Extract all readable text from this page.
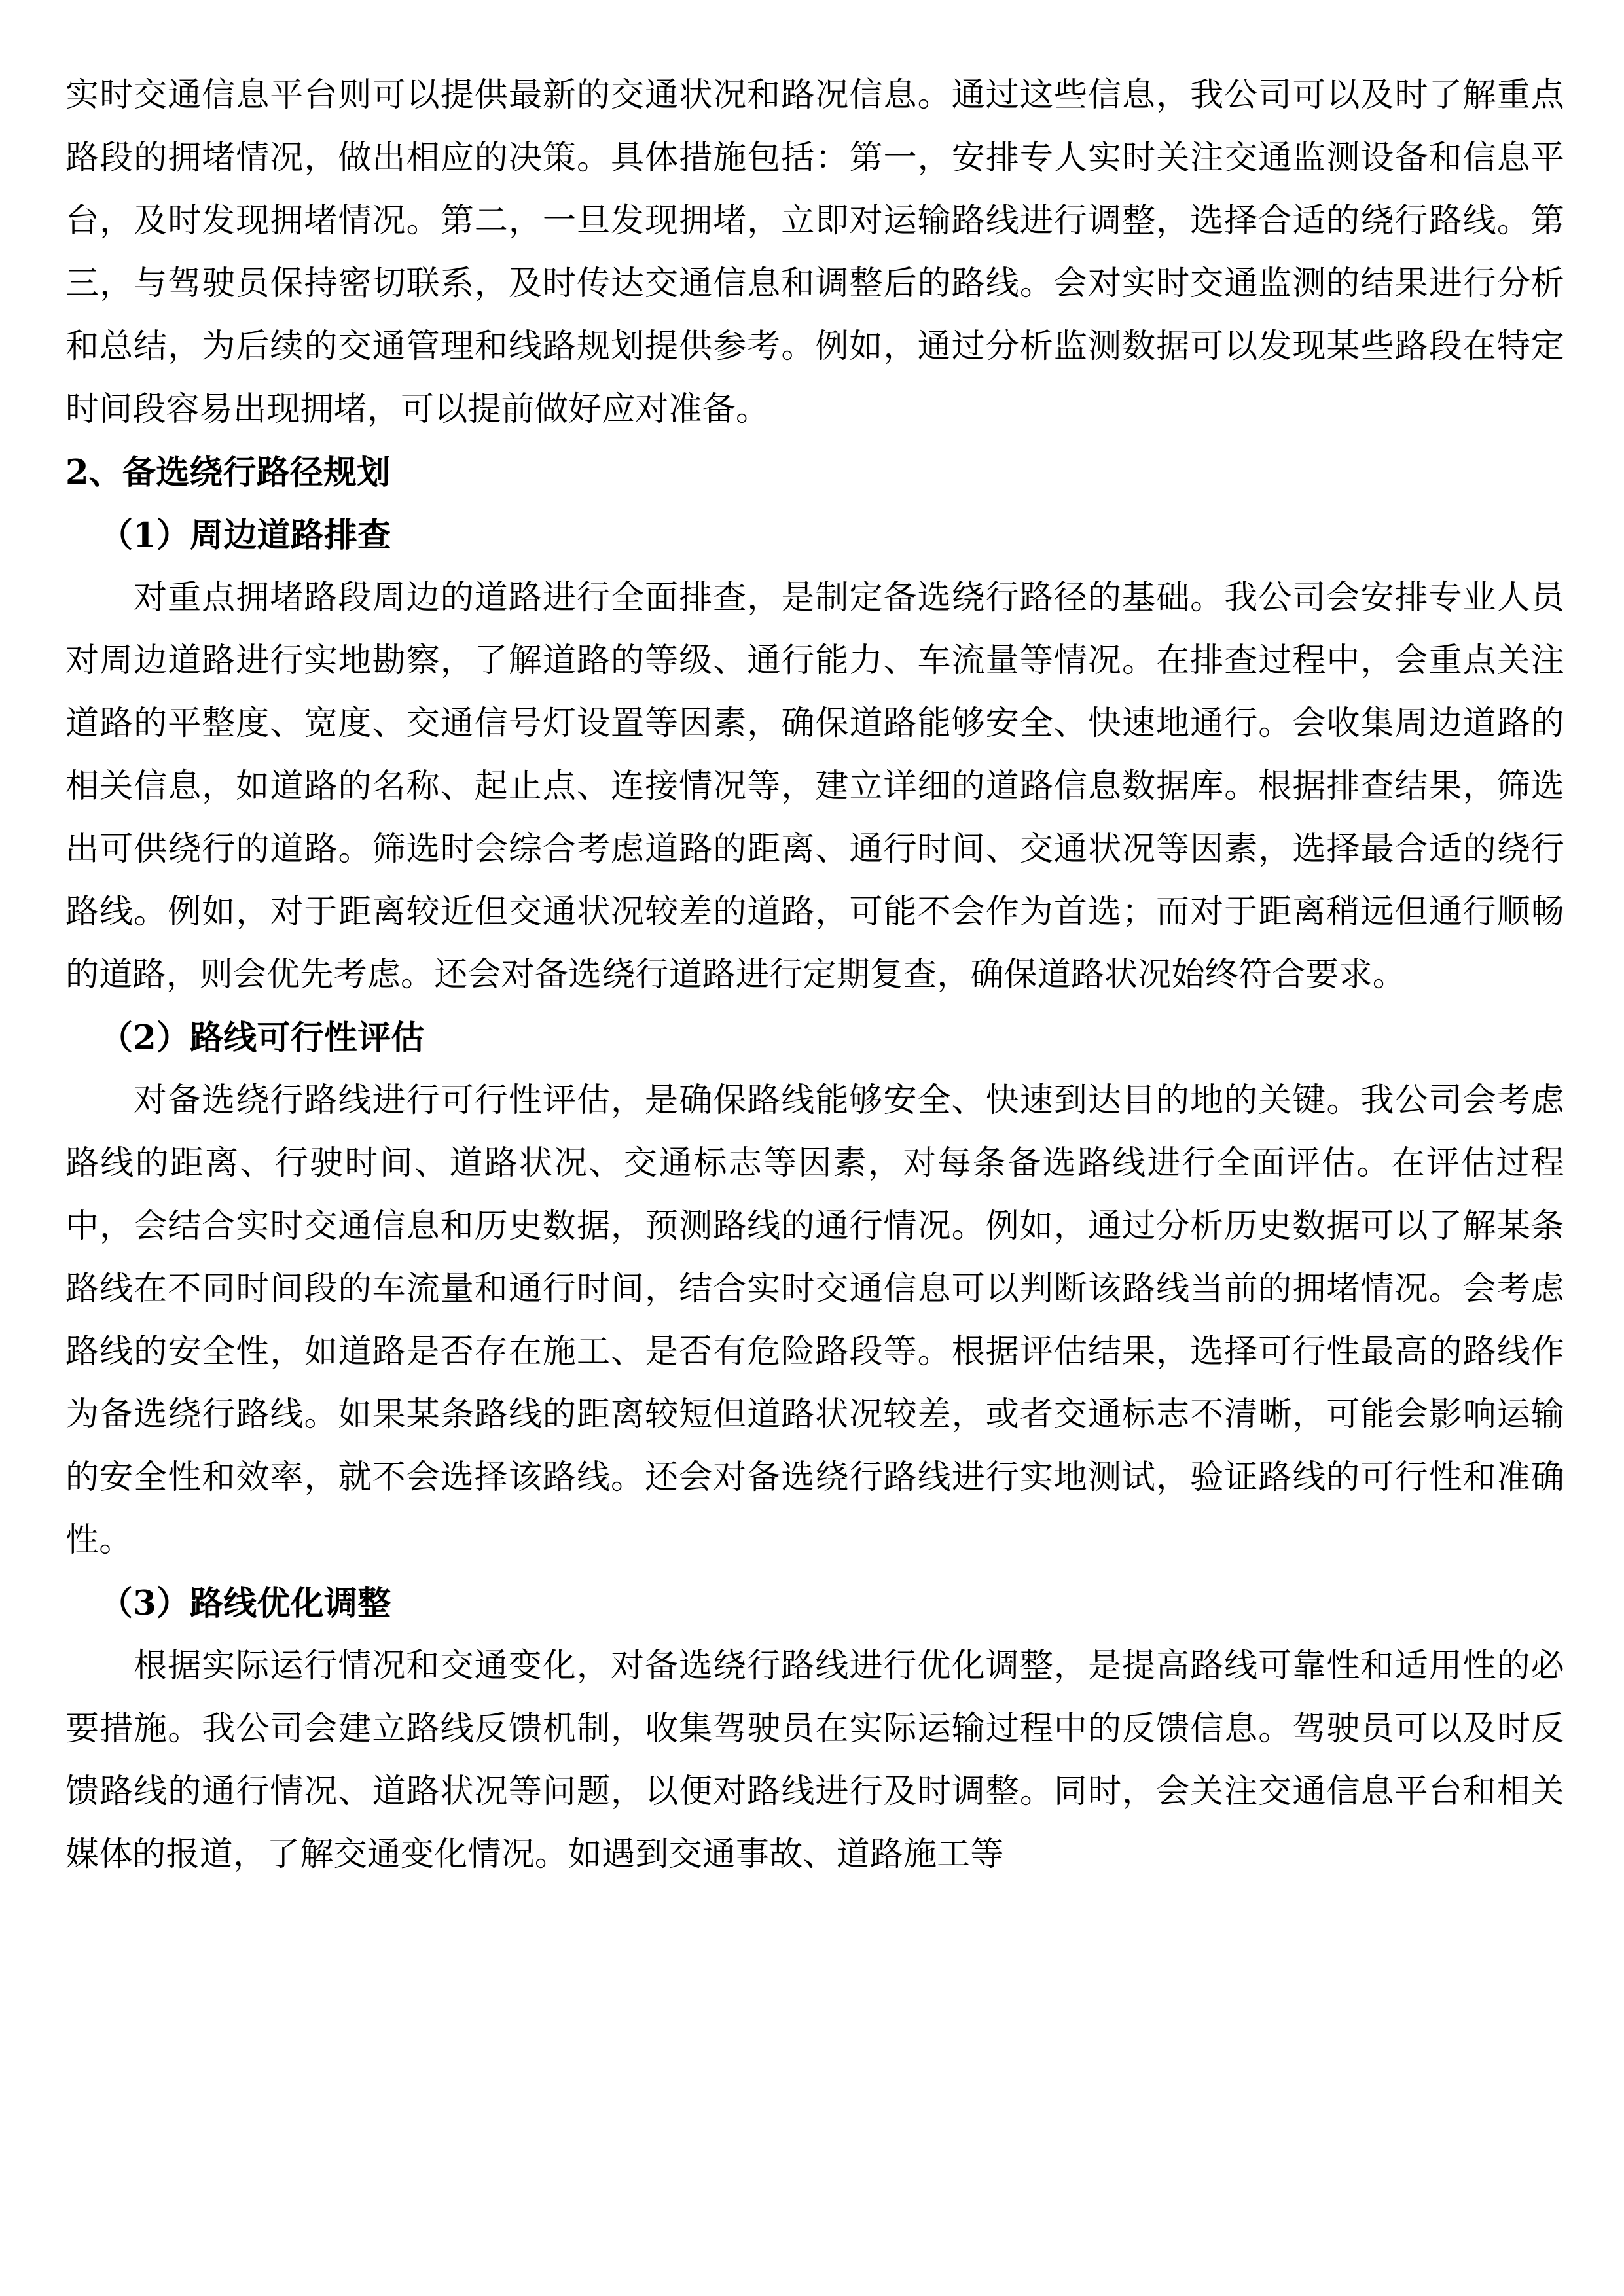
实时交通信息平台则可以提供最新的交通状况和路况信息。通过这些信息，我公司可以及时了解重点路段的拥堵情况，做出相应的决策。具体措施包括：第一，安排专人实时关注交通监测设备和信息平台，及时发现拥堵情况。第二，一旦发现拥堵，立即对运输路线进行调整，选择合适的绕行路线。第三，与驾驶员保持密切联系，及时传达交通信息和调整后的路线。会对实时交通监测的结果进行分析和总结，为后续的交通管理和线路规划提供参考。例如，通过分析监测数据可以发现某些路段在特定时间段容易出现拥堵，可以提前做好应对准备。

2、备选绕行路径规划

（1）周边道路排查

对重点拥堵路段周边的道路进行全面排查，是制定备选绕行路径的基础。我公司会安排专业人员对周边道路进行实地勘察，了解道路的等级、通行能力、车流量等情况。在排查过程中，会重点关注道路的平整度、宽度、交通信号灯设置等因素，确保道路能够安全、快速地通行。会收集周边道路的相关信息，如道路的名称、起止点、连接情况等，建立详细的道路信息数据库。根据排查结果，筛选出可供绕行的道路。筛选时会综合考虑道路的距离、通行时间、交通状况等因素，选择最合适的绕行路线。例如，对于距离较近但交通状况较差的道路，可能不会作为首选；而对于距离稍远但通行顺畅的道路，则会优先考虑。还会对备选绕行道路进行定期复查，确保道路状况始终符合要求。

（2）路线可行性评估

对备选绕行路线进行可行性评估，是确保路线能够安全、快速到达目的地的关键。我公司会考虑路线的距离、行驶时间、道路状况、交通标志等因素，对每条备选路线进行全面评估。在评估过程中，会结合实时交通信息和历史数据，预测路线的通行情况。例如，通过分析历史数据可以了解某条路线在不同时间段的车流量和通行时间，结合实时交通信息可以判断该路线当前的拥堵情况。会考虑路线的安全性，如道路是否存在施工、是否有危险路段等。根据评估结果，选择可行性最高的路线作为备选绕行路线。如果某条路线的距离较短但道路状况较差，或者交通标志不清晰，可能会影响运输的安全性和效率，就不会选择该路线。还会对备选绕行路线进行实地测试，验证路线的可行性和准确性。

（3）路线优化调整

根据实际运行情况和交通变化，对备选绕行路线进行优化调整，是提高路线可靠性和适用性的必要措施。我公司会建立路线反馈机制，收集驾驶员在实际运输过程中的反馈信息。驾驶员可以及时反馈路线的通行情况、道路状况等问题，以便对路线进行及时调整。同时，会关注交通信息平台和相关媒体的报道，了解交通变化情况。如遇到交通事故、道路施工等
